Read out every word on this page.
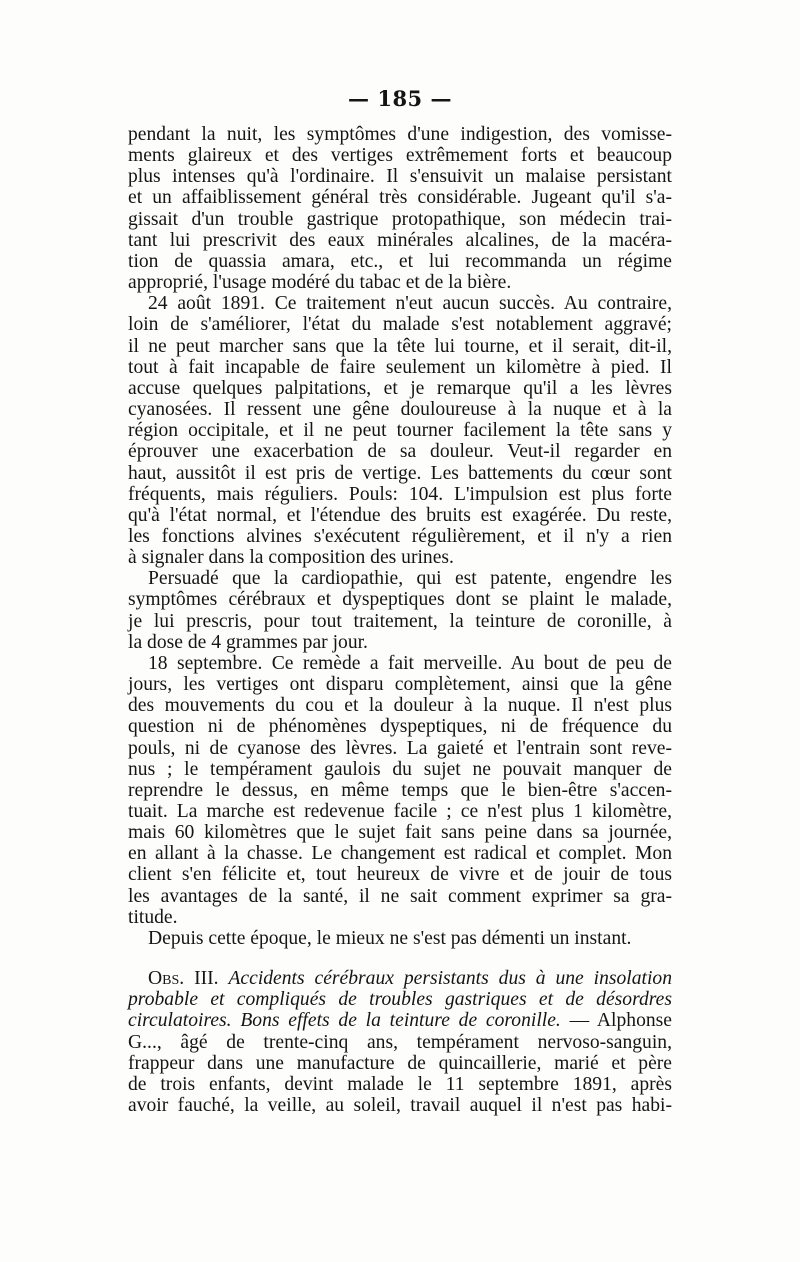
— 185 —
pendant la nuit, les symptômes d'une indigestion, des vomisse-
ments glaireux et des vertiges extrêmement forts et beaucoup
plus intenses qu'à l'ordinaire. Il s'ensuivit un malaise persistant
et un affaiblissement général très considérable. Jugeant qu'il s'a-
gissait d'un trouble gastrique protopathique, son médecin trai-
tant lui prescrivit des eaux minérales alcalines, de la macéra-
tion de quassia amara, etc., et lui recommanda un régime
approprié, l'usage modéré du tabac et de la bière.
24 août 1891. Ce traitement n'eut aucun succès. Au contraire,
loin de s'améliorer, l'état du malade s'est notablement aggravé;
il ne peut marcher sans que la tête lui tourne, et il serait, dit-il,
tout à fait incapable de faire seulement un kilomètre à pied. Il
accuse quelques palpitations, et je remarque qu'il a les lèvres
cyanosées. Il ressent une gêne douloureuse à la nuque et à la
région occipitale, et il ne peut tourner facilement la tête sans y
éprouver une exacerbation de sa douleur. Veut-il regarder en
haut, aussitôt il est pris de vertige. Les battements du cœur sont
fréquents, mais réguliers. Pouls: 104. L'impulsion est plus forte
qu'à l'état normal, et l'étendue des bruits est exagérée. Du reste,
les fonctions alvines s'exécutent régulièrement, et il n'y a rien
à signaler dans la composition des urines.
Persuadé que la cardiopathie, qui est patente, engendre les
symptômes cérébraux et dyspeptiques dont se plaint le malade,
je lui prescris, pour tout traitement, la teinture de coronille, à
la dose de 4 grammes par jour.
18 septembre. Ce remède a fait merveille. Au bout de peu de
jours, les vertiges ont disparu complètement, ainsi que la gêne
des mouvements du cou et la douleur à la nuque. Il n'est plus
question ni de phénomènes dyspeptiques, ni de fréquence du
pouls, ni de cyanose des lèvres. La gaieté et l'entrain sont reve-
nus ; le tempérament gaulois du sujet ne pouvait manquer de
reprendre le dessus, en même temps que le bien-être s'accen-
tuait. La marche est redevenue facile ; ce n'est plus 1 kilomètre,
mais 60 kilomètres que le sujet fait sans peine dans sa journée,
en allant à la chasse. Le changement est radical et complet. Mon
client s'en félicite et, tout heureux de vivre et de jouir de tous
les avantages de la santé, il ne sait comment exprimer sa gra-
titude.
Depuis cette époque, le mieux ne s'est pas démenti un instant.
Obs. III. Accidents cérébraux persistants dus à une insolation
probable et compliqués de troubles gastriques et de désordres
circulatoires. Bons effets de la teinture de coronille. — Alphonse
G..., âgé de trente-cinq ans, tempérament nervoso-sanguin,
frappeur dans une manufacture de quincaillerie, marié et père
de trois enfants, devint malade le 11 septembre 1891, après
avoir fauché, la veille, au soleil, travail auquel il n'est pas habi-
